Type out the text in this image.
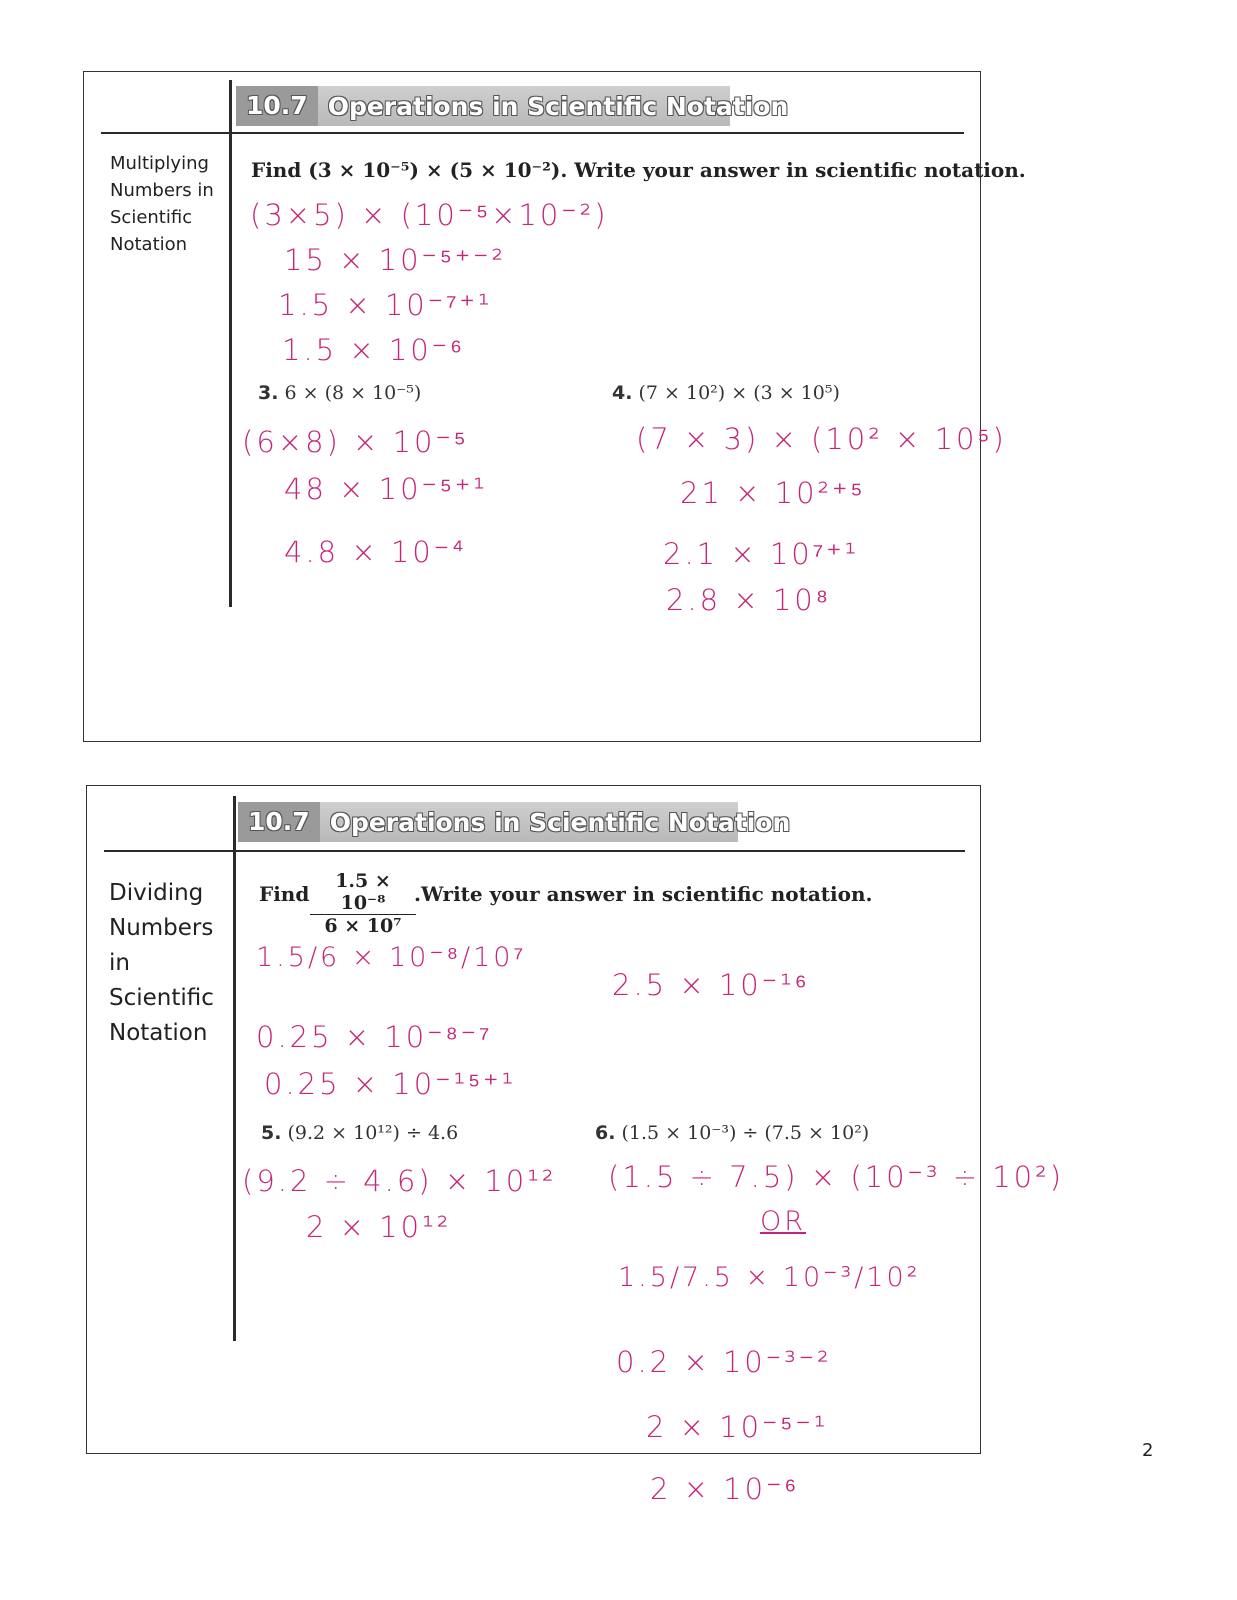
10.7 Operations in Scientific Notation
Multiplying
Numbers in
Scientific
Notation
Find (3 × 10⁻⁵) × (5 × 10⁻²). Write your answer in scientific notation.
(3×5) × (10⁻⁵×10⁻²)
15 × 10⁻⁵⁺⁻²
1.5 × 10⁻⁷⁺¹
1.5 × 10⁻⁶
3. 6 × (8 × 10⁻⁵)	4. (7 × 10²) × (3 × 10⁵)
(6×8) × 10⁻⁵
48 × 10⁻⁵⁺¹
4.8 × 10⁻⁴
(7 × 3) × (10² × 10⁵)
21 × 10²⁺⁵
2.1 × 10⁷⁺¹
2.8 × 10⁸
10.7 Operations in Scientific Notation
Dividing
Numbers
in
Scientific
Notation
Find $\frac{\text{1.5 × 10⁻⁸}}{\text{6 × 10⁷}}$
.Write your answer in scientific notation.
1.5/6 × 10⁻⁸/10⁷
2.5 × 10⁻¹⁶
0.25 × 10⁻⁸⁻⁷
0.25 × 10⁻¹⁵⁺¹
5. (9.2 × 10¹²) ÷ 4.6	6. (1.5 × 10⁻³) ÷ (7.5 × 10²)
(9.2 ÷ 4.6) × 10¹²
2 × 10¹²
(1.5 ÷ 7.5) × (10⁻³ ÷ 10²)
OR
1.5/7.5 × 10⁻³/10²
0.2 × 10⁻³⁻²
2 × 10⁻⁵⁻¹
2 × 10⁻⁶
2
